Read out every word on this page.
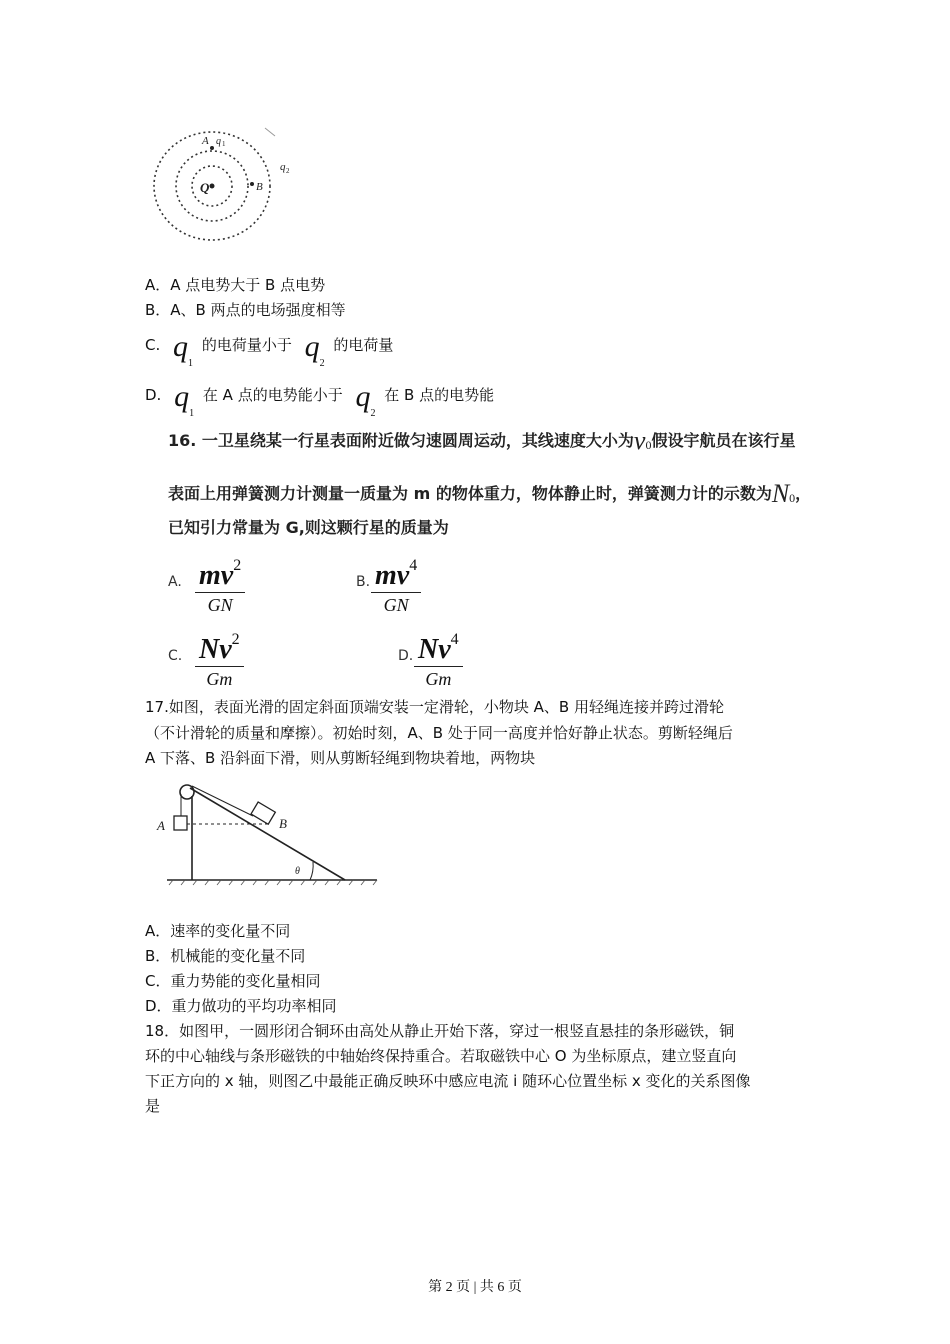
A q 1
q 2
Q	B
A．A 点电势大于 B 点电势
B．A、B 两点的电场强度相等
C. $q_1$ 的电荷量小于 $q_2$ 的电荷量
D. $q_1$ 在 A 点的电势能小于 $q_2$ 在 B 点的电势能
16. 一卫星绕某一行星表面附近做匀速圆周运动，其线速度大小为v0假设宇航员在该行星
表面上用弹簧测力计测量一质量为 m 的物体重力，物体静止时，弹簧测力计的示数为N0，
已知引力常量为 G,则这颗行星的质量为
A. $mv^2$
GN
B. $mv^4$
GN
C. Nv$^2$
Gm
D. Nv$^4$
Gm
17.如图，表面光滑的固定斜面顶端安装一定滑轮，小物块 A、B 用轻绳连接并跨过滑轮
（不计滑轮的质量和摩擦）。初始时刻，A、B 处于同一高度并恰好静止状态。剪断轻绳后
A 下落、B 沿斜面下滑，则从剪断轻绳到物块着地，两物块
A	B
θ
A．速率的变化量不同
B．机械能的变化量不同
C．重力势能的变化量相同
D．重力做功的平均功率相同
18．如图甲，一圆形闭合铜环由高处从静止开始下落，穿过一根竖直悬挂的条形磁铁，铜
环的中心轴线与条形磁铁的中轴始终保持重合。若取磁铁中心 O 为坐标原点，建立竖直向
下正方向的 x 轴，则图乙中最能正确反映环中感应电流 i 随环心位置坐标 x 变化的关系图像
是
第 2 页 | 共 6 页
